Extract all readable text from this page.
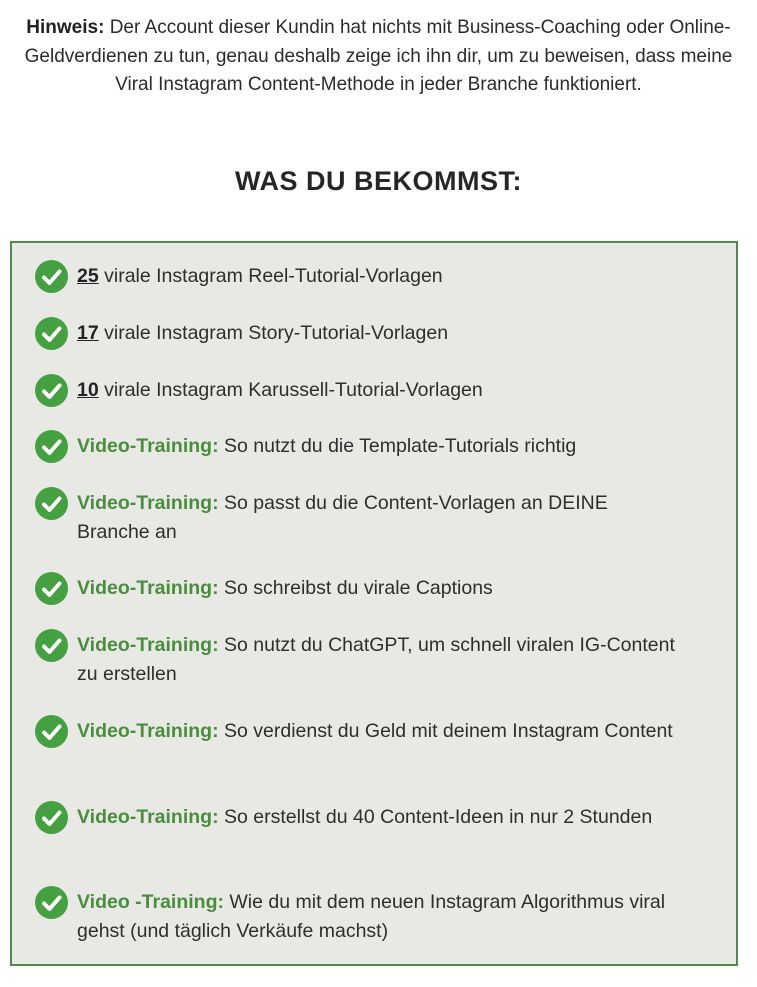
Hinweis: Der Account dieser Kundin hat nichts mit Business-Coaching oder Online-Geldverdienen zu tun, genau deshalb zeige ich ihn dir, um zu beweisen, dass meine Viral Instagram Content-Methode in jeder Branche funktioniert.

WAS DU BEKOMMST:
25 virale Instagram Reel-Tutorial-Vorlagen
17 virale Instagram Story-Tutorial-Vorlagen
10 virale Instagram Karussell-Tutorial-Vorlagen
Video-Training: So nutzt du die Template-Tutorials richtig
Video-Training: So passt du die Content-Vorlagen an DEINE Branche an
Video-Training: So schreibst du virale Captions
Video-Training: So nutzt du ChatGPT, um schnell viralen IG-Content zu erstellen
Video-Training: So verdienst du Geld mit deinem Instagram Content
Video-Training: So erstellst du 40 Content-Ideen in nur 2 Stunden
Video -Training: Wie du mit dem neuen Instagram Algorithmus viral gehst (und täglich Verkäufe machst)
